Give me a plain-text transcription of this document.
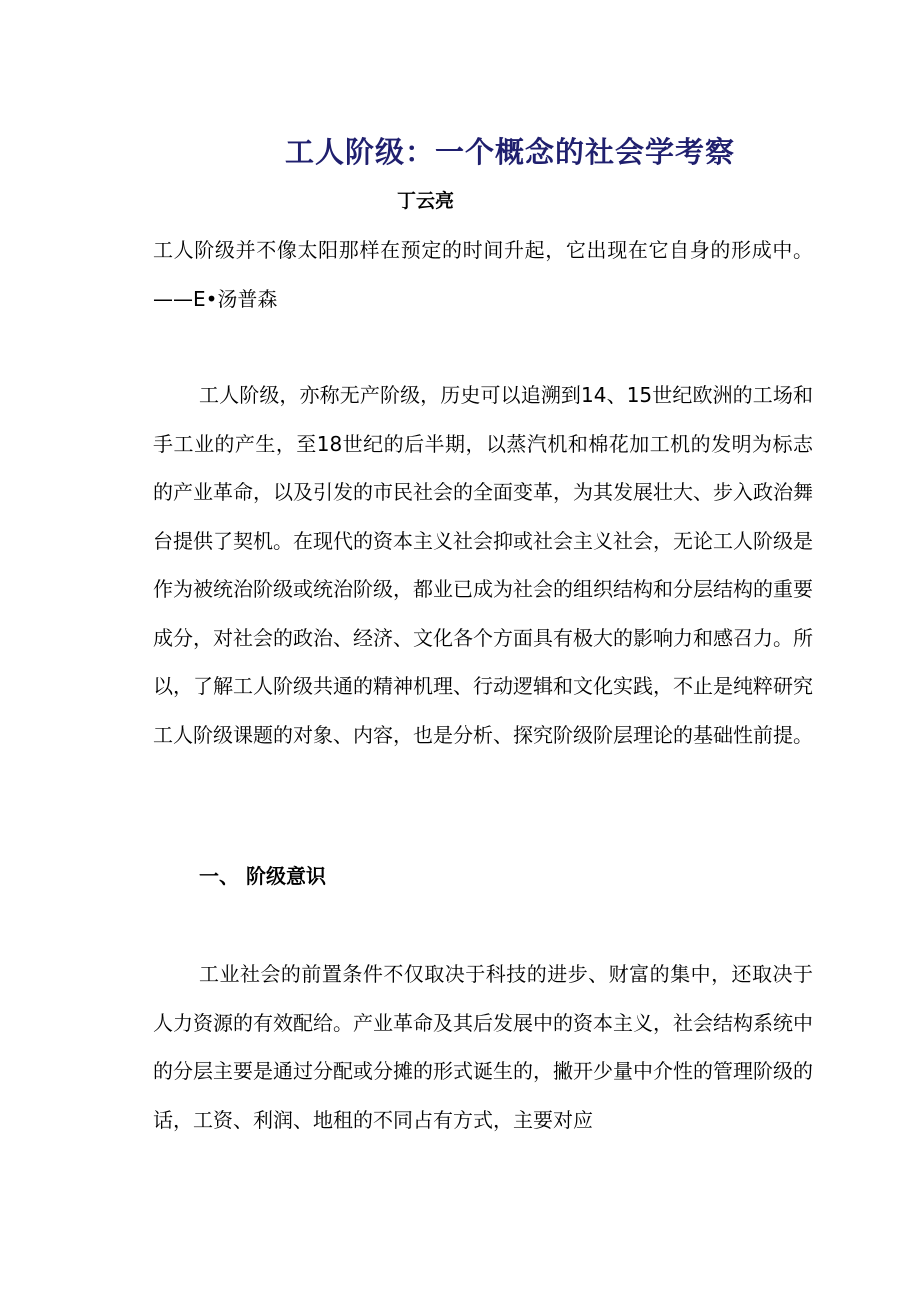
工人阶级：一个概念的社会学考察

丁云亮

工人阶级并不像太阳那样在预定的时间升起，它出现在它自身的形成中。——E•汤普森

工人阶级，亦称无产阶级，历史可以追溯到14、15世纪欧洲的工场和手工业的产生，至18世纪的后半期，以蒸汽机和棉花加工机的发明为标志的产业革命，以及引发的市民社会的全面变革，为其发展壮大、步入政治舞台提供了契机。在现代的资本主义社会抑或社会主义社会，无论工人阶级是作为被统治阶级或统治阶级，都业已成为社会的组织结构和分层结构的重要成分，对社会的政治、经济、文化各个方面具有极大的影响力和感召力。所以，了解工人阶级共通的精神机理、行动逻辑和文化实践，不止是纯粹研究工人阶级课题的对象、内容，也是分析、探究阶级阶层理论的基础性前提。

一、 阶级意识

工业社会的前置条件不仅取决于科技的进步、财富的集中，还取决于人力资源的有效配给。产业革命及其后发展中的资本主义，社会结构系统中的分层主要是通过分配或分摊的形式诞生的，撇开少量中介性的管理阶级的话，工资、利润、地租的不同占有方式，主要对应
